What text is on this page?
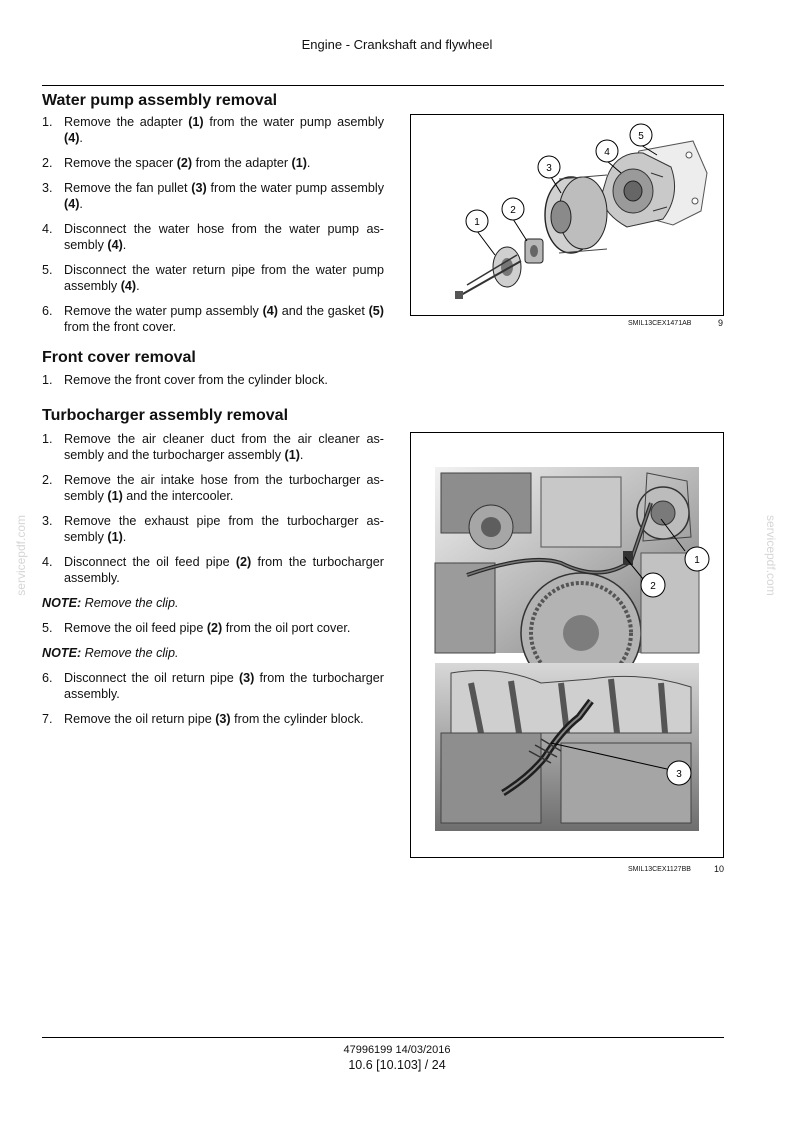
Engine - Crankshaft and flywheel
servicepdf.com	servicepdf.com
Water pump assembly removal
1. Remove the adapter (1) from the water pump asembly (4).
2. Remove the spacer (2) from the adapter (1).
3. Remove the fan pullet (3) from the water pump assembly (4).
4. Disconnect the water hose from the water pump assembly (4).
5. Disconnect the water return pipe from the water pump assembly (4).
6. Remove the water pump assembly (4) and the gasket (5) from the front cover.
1
2
3
4
5
SMIL13CEX1471AB	9
Front cover removal
1. Remove the front cover from the cylinder block.
Turbocharger assembly removal
1. Remove the air cleaner duct from the air cleaner assembly and the turbocharger assembly (1).
2. Remove the air intake hose from the turbocharger assembly (1) and the intercooler.
3. Remove the exhaust pipe from the turbocharger assembly (1).
4. Disconnect the oil feed pipe (2) from the turbocharger assembly.
NOTE: Remove the clip.
5. Remove the oil feed pipe (2) from the oil port cover.
NOTE: Remove the clip.
6. Disconnect the oil return pipe (3) from the turbocharger assembly.
7. Remove the oil return pipe (3) from the cylinder block.
1
2
3
SMIL13CEX1127BB	10
47996199 14/03/2016
10.6 [10.103] / 24
